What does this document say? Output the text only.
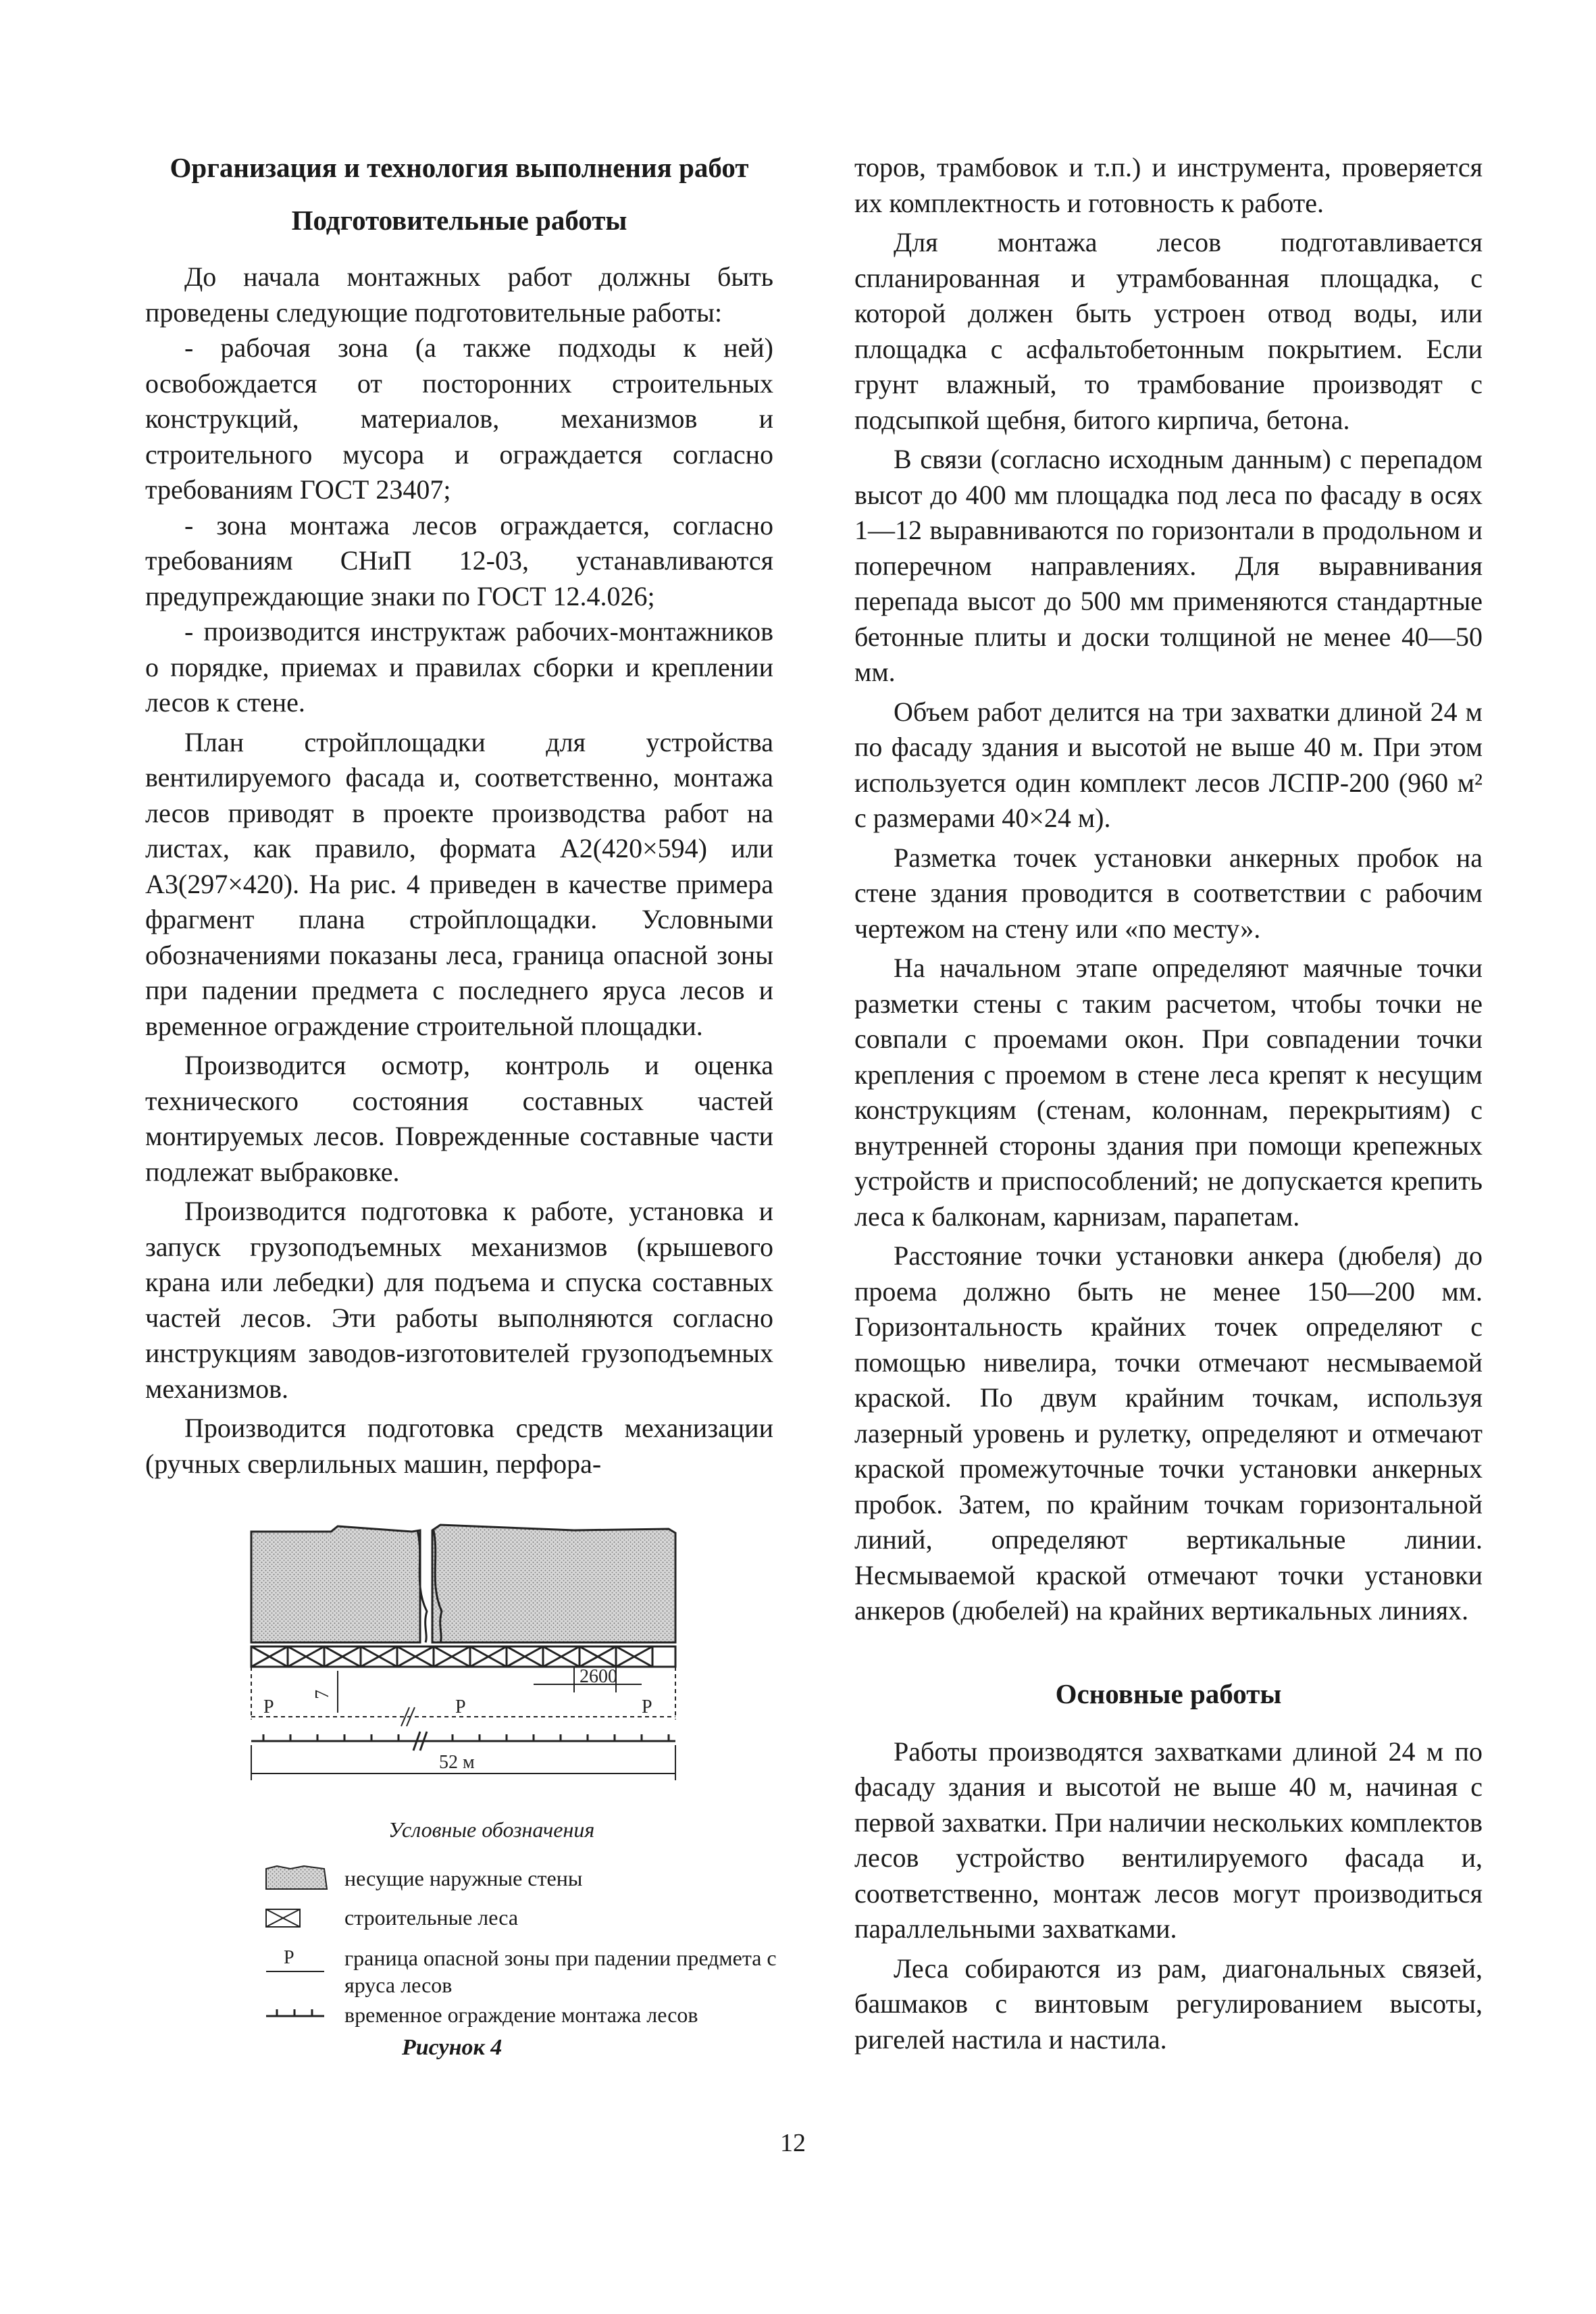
Организация и технология выполнения работ

Подготовительные работы

До начала монтажных работ должны быть проведены следующие подготовительные работы:

- рабочая зона (а также подходы к ней) освобождается от посторонних строительных конструкций, материалов, механизмов и строительного мусора и ограждается согласно требованиям ГОСТ 23407;

- зона монтажа лесов ограждается, согласно требованиям СНиП 12-03, устанавливаются предупреждающие знаки по ГОСТ 12.4.026;

- производится инструктаж рабочих-монтажников о порядке, приемах и правилах сборки и креплении лесов к стене.

План стройплощадки для устройства вентилируемого фасада и, соответственно, монтажа лесов приводят в проекте производства работ на листах, как правило, формата А2(420×594) или А3(297×420). На рис. 4 приведен в качестве примера фрагмент плана стройплощадки. Условными обозначениями показаны леса, граница опасной зоны при падении предмета с последнего яруса лесов и временное ограждение строительной площадки.

Производится осмотр, контроль и оценка технического состояния составных частей монтируемых лесов. Поврежденные составные части подлежат выбраковке.

Производится подготовка к работе, установка и запуск грузоподъемных механизмов (крышевого крана или лебедки) для подъема и спуска составных частей лесов. Эти работы выполняются согласно инструкциям заводов-изготовителей грузоподъемных механизмов.

Производится подготовка средств механизации (ручных сверлильных машин, перфора-

2600
7
Р	Р	Р
52 м
Условные обозначения
несущие наружные стены
строительные леса
Р граница опасной зоны при падении предмета с яруса лесов
временное ограждение монтажа лесов
Рисунок 4

торов, трамбовок и т.п.) и инструмента, проверяется их комплектность и готовность к работе.

Для монтажа лесов подготавливается спланированная и утрамбованная площадка, с которой должен быть устроен отвод воды, или площадка с асфальтобетонным покрытием. Если грунт влажный, то трамбование производят с подсыпкой щебня, битого кирпича, бетона.

В связи (согласно исходным данным) с перепадом высот до 400 мм площадка под леса по фасаду в осях 1—12 выравниваются по горизонтали в продольном и поперечном направлениях. Для выравнивания перепада высот до 500 мм применяются стандартные бетонные плиты и доски толщиной не менее 40—50 мм.

Объем работ делится на три захватки длиной 24 м по фасаду здания и высотой не выше 40 м. При этом используется один комплект лесов ЛСПР-200 (960 м² с размерами 40×24 м).

Разметка точек установки анкерных пробок на стене здания проводится в соответствии с рабочим чертежом на стену или «по месту».

На начальном этапе определяют маячные точки разметки стены с таким расчетом, чтобы точки не совпали с проемами окон. При совпадении точки крепления с проемом в стене леса крепят к несущим конструкциям (стенам, колоннам, перекрытиям) с внутренней стороны здания при помощи крепежных устройств и приспособлений; не допускается крепить леса к балконам, карнизам, парапетам.

Расстояние точки установки анкера (дюбеля) до проема должно быть не менее 150—200 мм. Горизонтальность крайних точек определяют с помощью нивелира, точки отмечают несмываемой краской. По двум крайним точкам, используя лазерный уровень и рулетку, определяют и отмечают краской промежуточные точки установки анкерных пробок. Затем, по крайним точкам горизонтальной линий, определяют вертикальные линии. Несмываемой краской отмечают точки установки анкеров (дюбелей) на крайних вертикальных линиях.

Основные работы

Работы производятся захватками длиной 24 м по фасаду здания и высотой не выше 40 м, начиная с первой захватки. При наличии нескольких комплектов лесов устройство вентилируемого фасада и, соответственно, монтаж лесов могут производиться параллельными захватками.

Леса собираются из рам, диагональных связей, башмаков с винтовым регулированием высоты, ригелей настила и настила.

12
